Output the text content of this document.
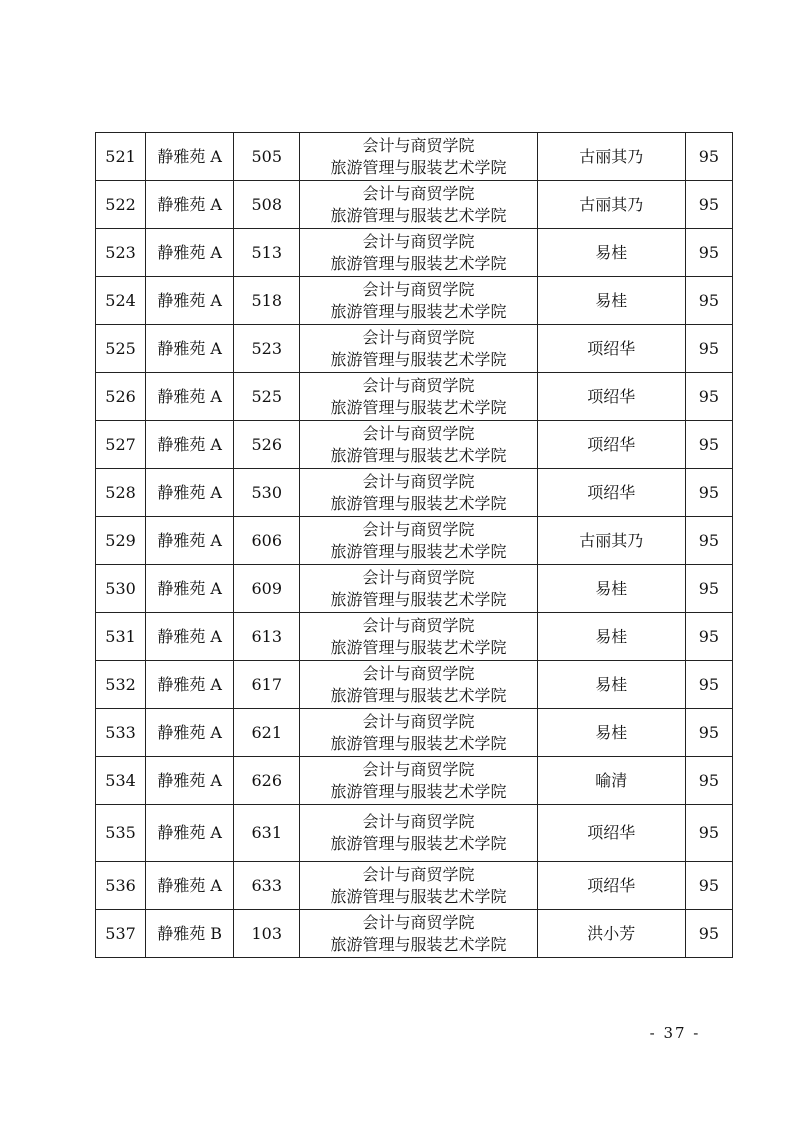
521	静雅苑 A	505	会计与商贸学院
旅游管理与服装艺术学院	古丽其乃	95
522	静雅苑 A	508	会计与商贸学院
旅游管理与服装艺术学院	古丽其乃	95
523	静雅苑 A	513	会计与商贸学院
旅游管理与服装艺术学院	易桂	95
524	静雅苑 A	518	会计与商贸学院
旅游管理与服装艺术学院	易桂	95
525	静雅苑 A	523	会计与商贸学院
旅游管理与服装艺术学院	项绍华	95
526	静雅苑 A	525	会计与商贸学院
旅游管理与服装艺术学院	项绍华	95
527	静雅苑 A	526	会计与商贸学院
旅游管理与服装艺术学院	项绍华	95
528	静雅苑 A	530	会计与商贸学院
旅游管理与服装艺术学院	项绍华	95
529	静雅苑 A	606	会计与商贸学院
旅游管理与服装艺术学院	古丽其乃	95
530	静雅苑 A	609	会计与商贸学院
旅游管理与服装艺术学院	易桂	95
531	静雅苑 A	613	会计与商贸学院
旅游管理与服装艺术学院	易桂	95
532	静雅苑 A	617	会计与商贸学院
旅游管理与服装艺术学院	易桂	95
533	静雅苑 A	621	会计与商贸学院
旅游管理与服装艺术学院	易桂	95
534	静雅苑 A	626	会计与商贸学院
旅游管理与服装艺术学院	喻清	95
535	静雅苑 A	631	会计与商贸学院
旅游管理与服装艺术学院	项绍华	95
536	静雅苑 A	633	会计与商贸学院
旅游管理与服装艺术学院	项绍华	95
537	静雅苑 B	103	会计与商贸学院
旅游管理与服装艺术学院	洪小芳	95
- 37 -
